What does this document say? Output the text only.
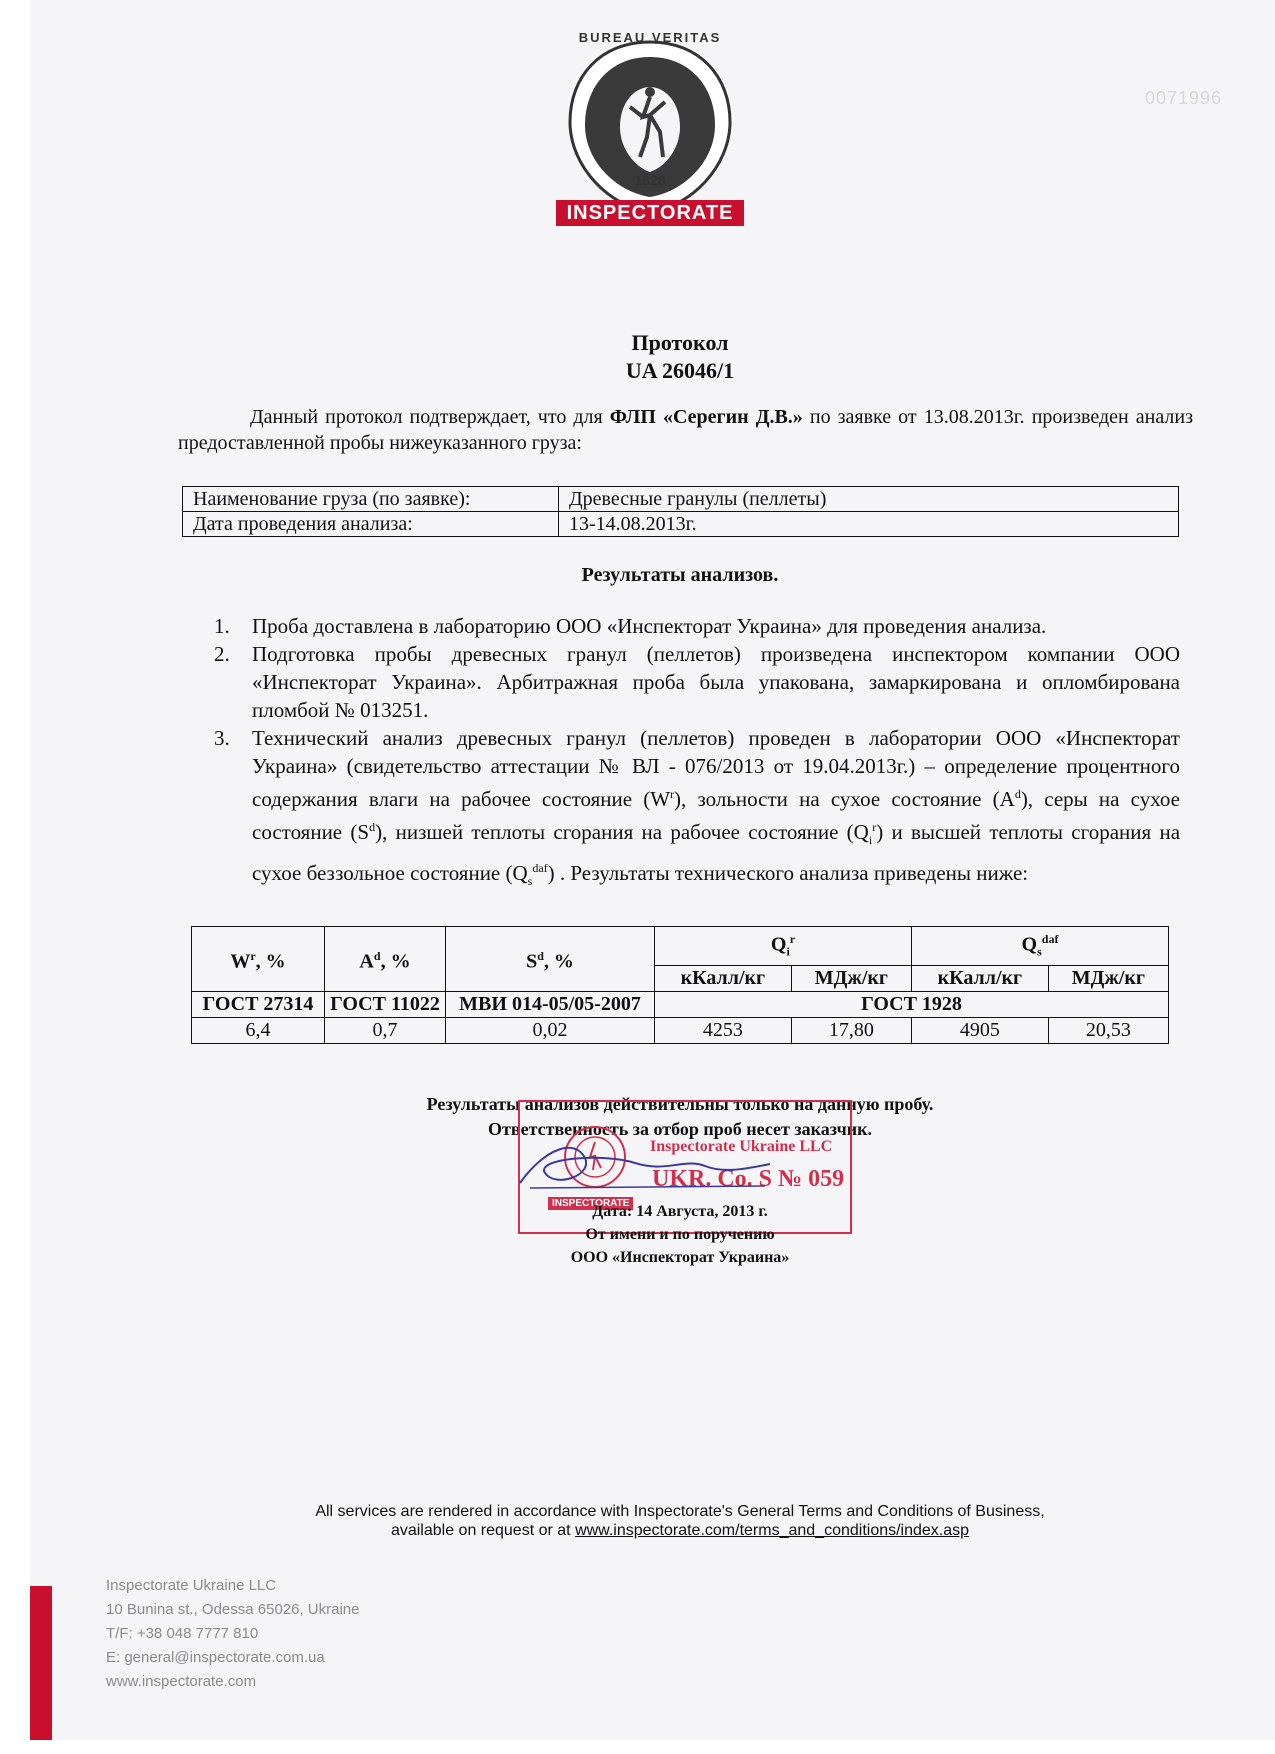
BUREAU VERITAS
1828
INSPECTORATE
0071996
Протокол
UA 26046/1
Данный протокол подтверждает, что для ФЛП «Серегин Д.В.» по заявке от 13.08.2013г. произведен анализ предоставленной пробы нижеуказанного груза:
Наименование груза (по заявке):	Древесные гранулы (пеллеты)
Дата проведения анализа:	13-14.08.2013г.
Результаты анализов.
1. Проба доставлена в лабораторию ООО «Инспекторат Украина» для проведения анализа.
2. Подготовка пробы древесных гранул (пеллетов) произведена инспектором компании ООО «Инспекторат Украина». Арбитражная проба была упакована, замаркирована и опломбирована пломбой № 013251.
3. Технический анализ древесных гранул (пеллетов) проведен в лаборатории ООО «Инспекторат Украина» (свидетельство аттестации № ВЛ - 076/2013 от 19.04.2013г.) – определение процентного содержания влаги на рабочее состояние $(W^r)$, зольности на сухое состояние $(A^d)$, серы на сухое состояние $(S^d)$, низшей теплоты сгорания на рабочее состояние $(Q_i^r)$ и высшей теплоты сгорания на сухое беззольное состояние $(Q_s^{daf})$ . Результаты технического анализа приведены ниже:
$W^r$, %	$A^d$, %	$S^d$, %	$Q_i^r$		$Q_s^{daf}$
			кКалл/кг	МДж/кг	кКалл/кг	МДж/кг
ГОСТ 27314	ГОСТ 11022	МВИ 014-05/05-2007	ГОСТ 1928			
6,4	0,7	0,02	4253	17,80	4905	20,53
Результаты анализов действительны только на данную пробу.
Ответственность за отбор проб несет заказчик.
Inspectorate Ukraine LLC
UKR. Co. S № 059
INSPECTORATE
Дата: 14 Августа, 2013 г.
От имени и по поручению
ООО «Инспекторат Украина»
All services are rendered in accordance with Inspectorate's General Terms and Conditions of Business,
available on request or at www.inspectorate.com/terms_and_conditions/index.asp
Inspectorate Ukraine LLC
10 Bunina st., Odessa 65026, Ukraine
T/F: +38 048 7777 810
E: general@inspectorate.com.ua
www.inspectorate.com
